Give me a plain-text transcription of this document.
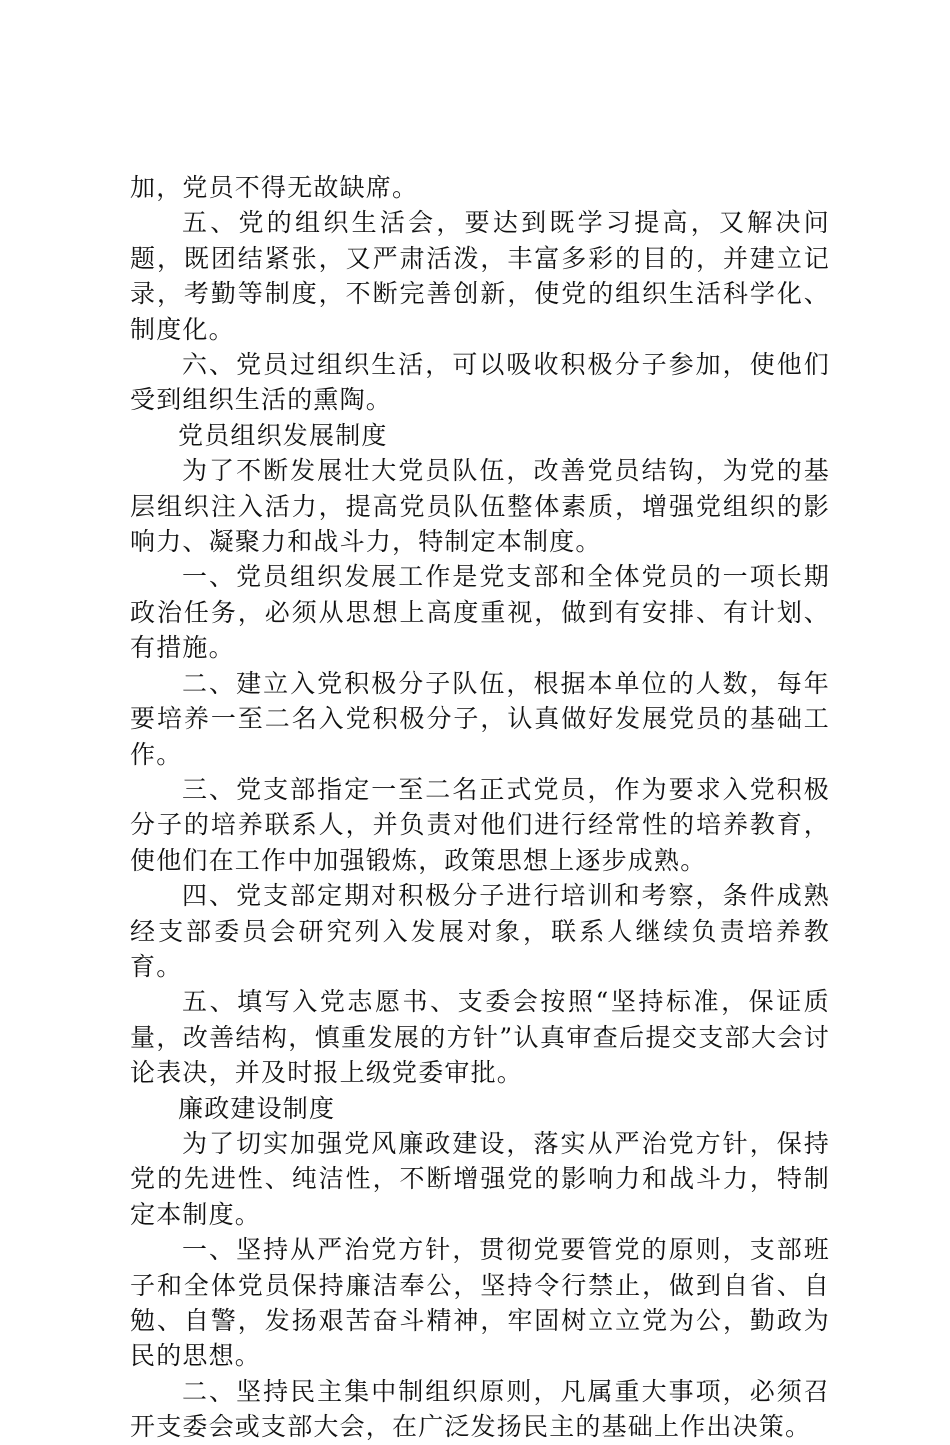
加，党员不得无故缺席。

五、党的组织生活会，要达到既学习提高，又解决问题，既团结紧张，又严肃活泼，丰富多彩的目的，并建立记录，考勤等制度，不断完善创新，使党的组织生活科学化、制度化。

六、党员过组织生活，可以吸收积极分子参加，使他们受到组织生活的熏陶。

党员组织发展制度

为了不断发展壮大党员队伍，改善党员结钩，为党的基层组织注入活力，提高党员队伍整体素质，增强党组织的影响力、凝聚力和战斗力，特制定本制度。

一、党员组织发展工作是党支部和全体党员的一项长期政治任务，必须从思想上高度重视，做到有安排、有计划、有措施。

二、建立入党积极分子队伍，根据本单位的人数，每年要培养一至二名入党积极分子，认真做好发展党员的基础工作。

三、党支部指定一至二名正式党员，作为要求入党积极分子的培养联系人，并负责对他们进行经常性的培养教育，使他们在工作中加强锻炼，政策思想上逐步成熟。

四、党支部定期对积极分子进行培训和考察，条件成熟经支部委员会研究列入发展对象，联系人继续负责培养教育。

五、填写入党志愿书、支委会按照“坚持标准，保证质量，改善结构，慎重发展的方针”认真审查后提交支部大会讨论表决，并及时报上级党委审批。

廉政建设制度

为了切实加强党风廉政建设，落实从严治党方针，保持党的先进性、纯洁性，不断增强党的影响力和战斗力，特制定本制度。

一、坚持从严治党方针，贯彻党要管党的原则，支部班子和全体党员保持廉洁奉公，坚持令行禁止，做到自省、自勉、自警，发扬艰苦奋斗精神，牢固树立立党为公，勤政为民的思想。

二、坚持民主集中制组织原则，凡属重大事项，必须召开支委会或支部大会，在广泛发扬民主的基础上作出决策。
